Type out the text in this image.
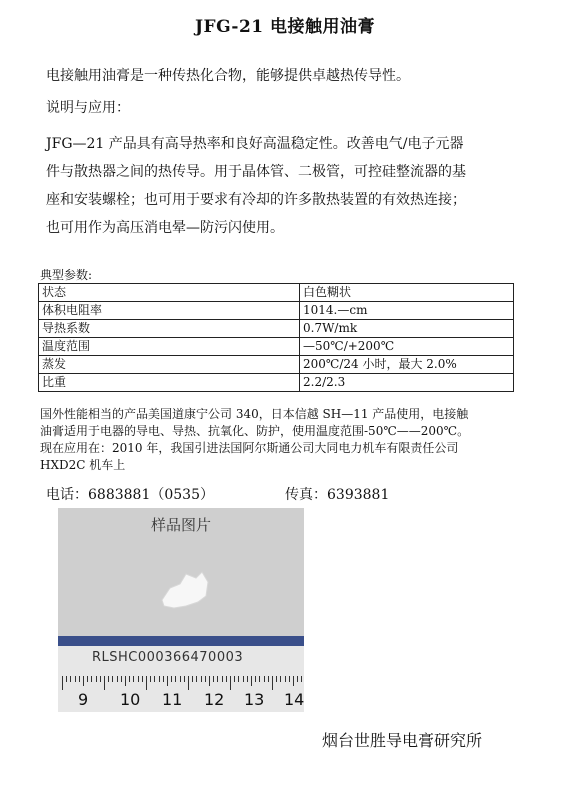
JFG-21 电接触用油膏
电接触用油膏是一种传热化合物，能够提供卓越热传导性。
说明与应用：
JFG—21 产品具有高导热率和良好高温稳定性。改善电气/电子元器
件与散热器之间的热传导。用于晶体管、二极管，可控硅整流器的基
座和安装螺栓；也可用于要求有冷却的许多散热装置的有效热连接；
也可用作为高压消电晕—防污闪使用。
典型参数:
状态	白色糊状
体积电阻率	1014.—cm
导热系数	0.7W/mk
温度范围	—50℃/+200℃
蒸发	200℃/24 小时，最大 2.0%
比重	2.2/2.3
国外性能相当的产品美国道康宁公司 340，日本信越 SH—11 产品使用，电接触
油膏适用于电器的导电、导热、抗氧化、防护，使用温度范围-50℃——200℃。
现在应用在：2010 年，我国引进法国阿尔斯通公司大同电力机车有限责任公司
HXD2C 机车上
电话：6883881（0535）	传真：6393881
样品图片
RLSHC000366470003
9 10 11 12 13 14
烟台世胜导电膏研究所
